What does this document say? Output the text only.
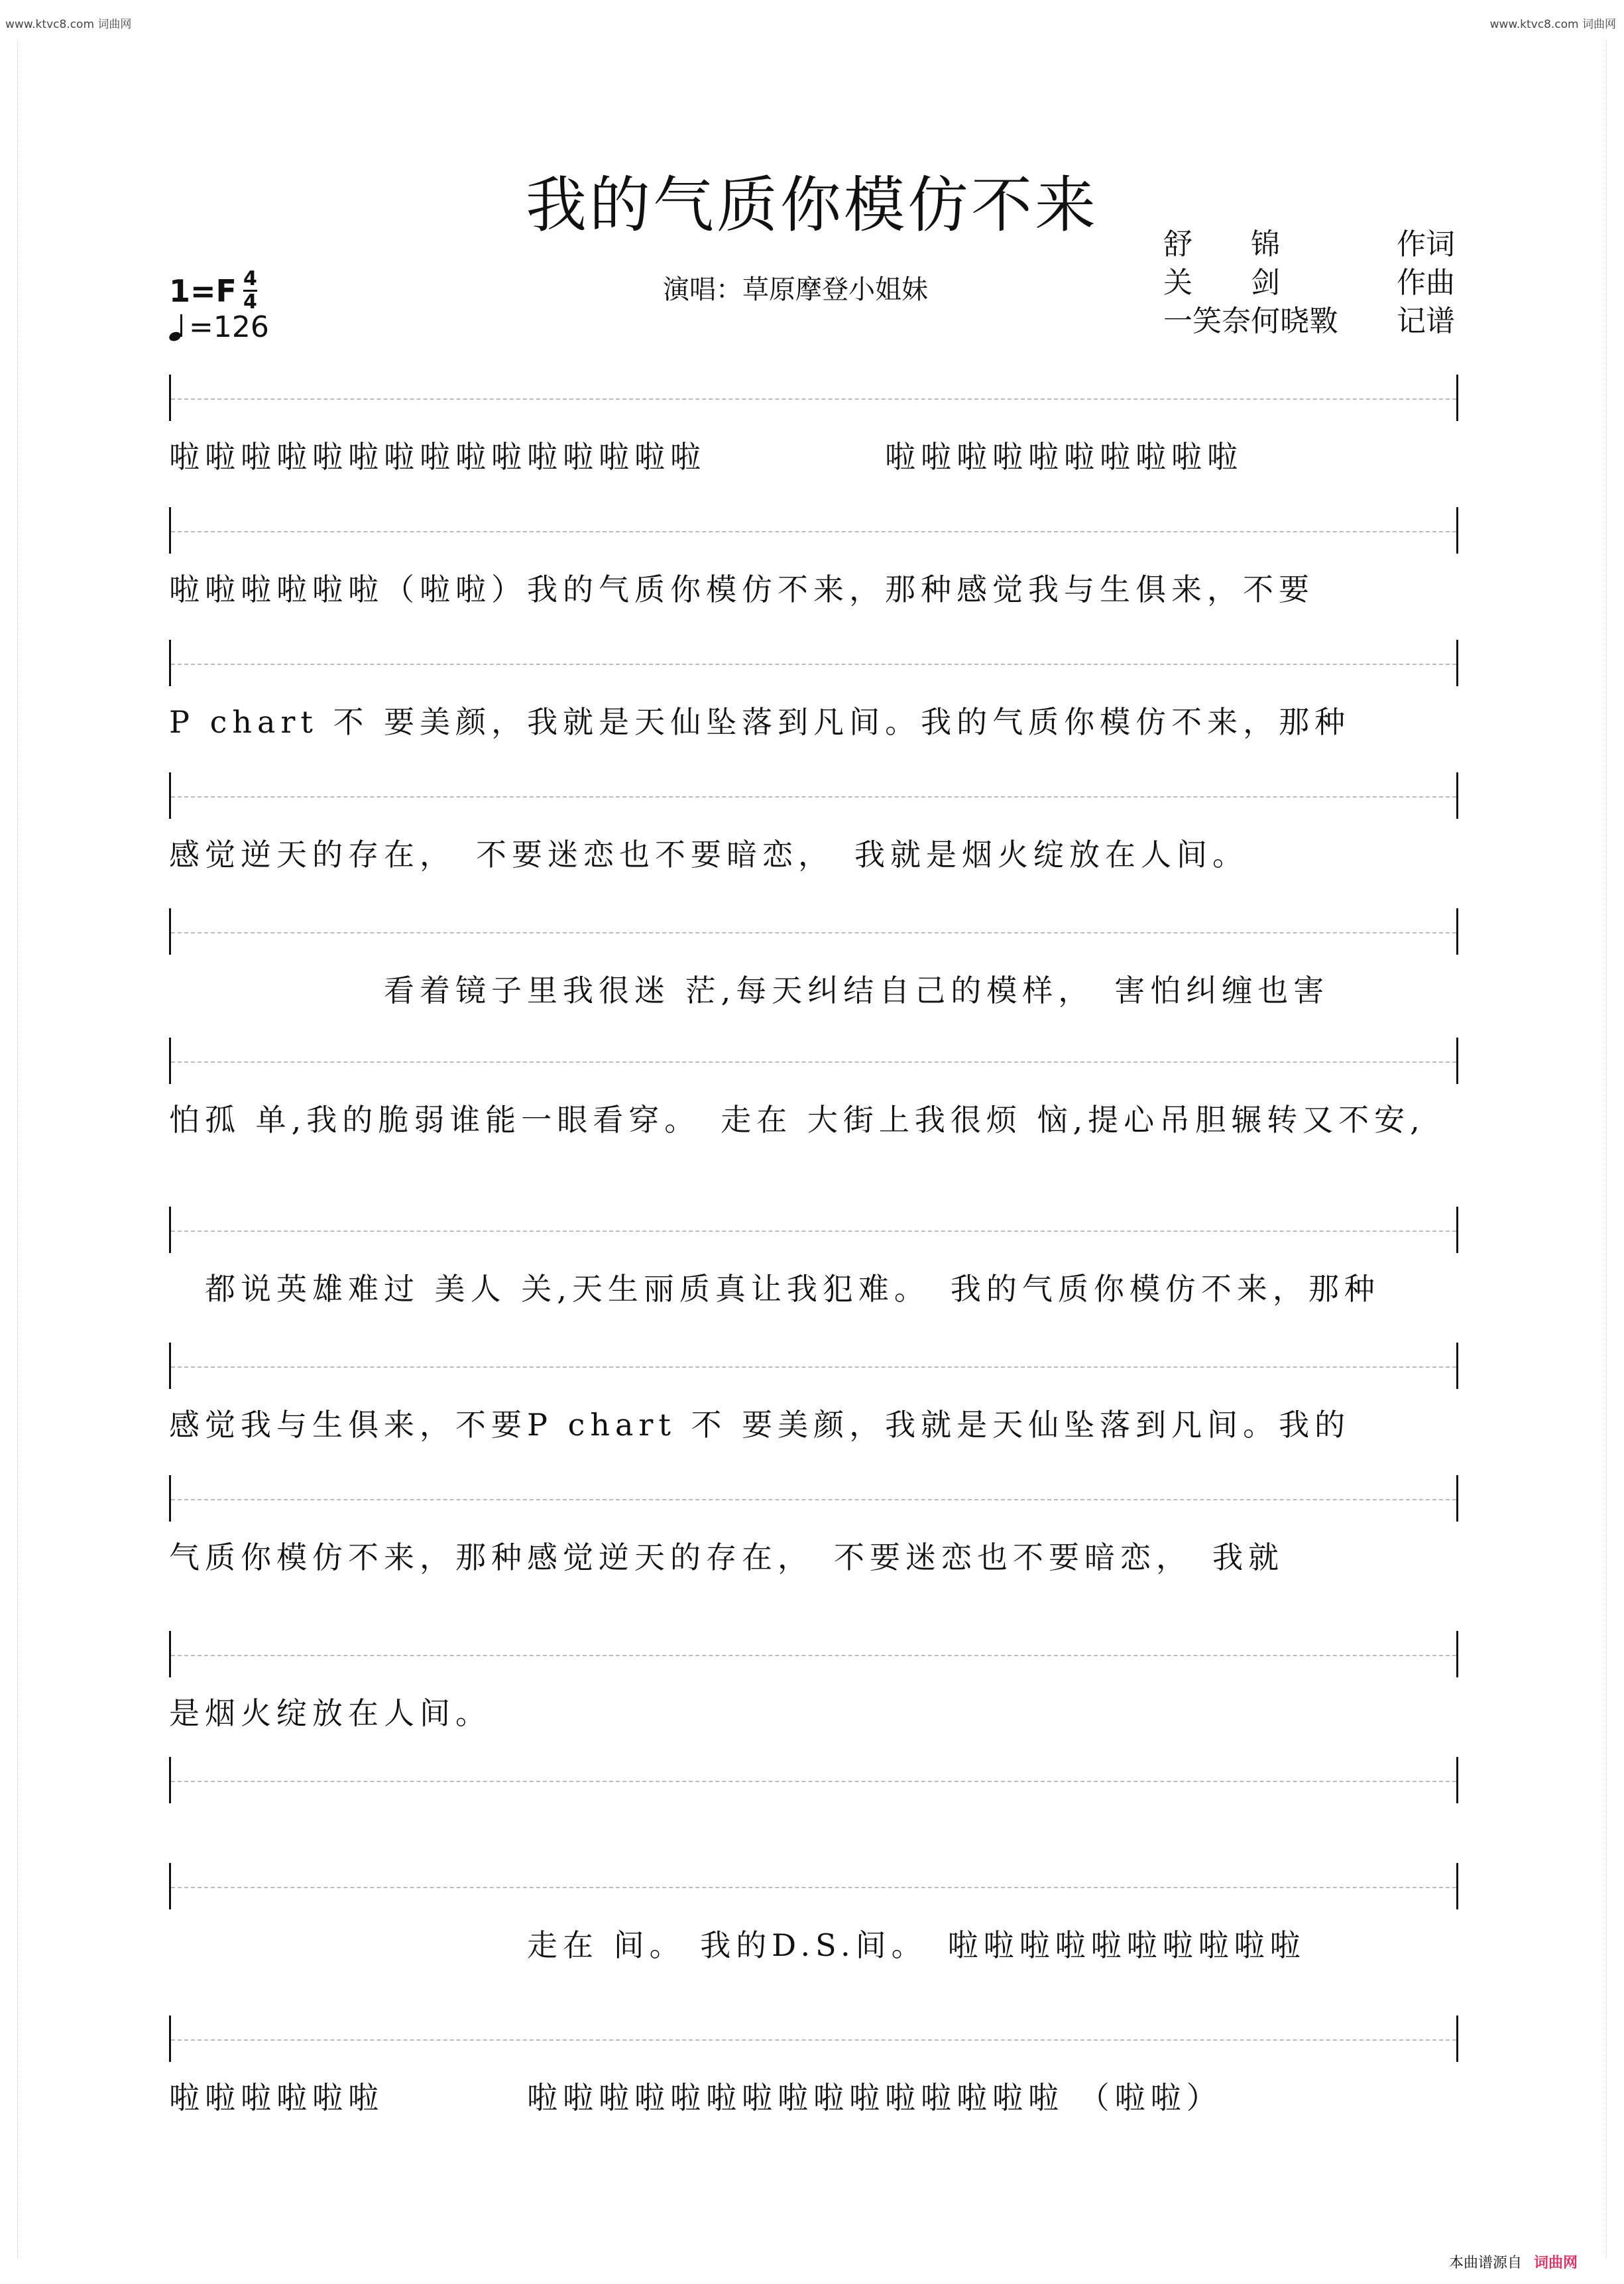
www.ktvc8.com 词曲网	www.ktvc8.com 词曲网
我的气质你模仿不来
舒　　锦	作词
关　　剑	作曲
一笑奈何晓斁 记谱
演唱：草原摩登小姐妹
$1=F \frac{4}{4}$
=126
啦啦啦啦啦啦啦啦啦啦啦啦啦啦啦　　　　　啦啦啦啦啦啦啦啦啦啦
啦啦啦啦啦啦（啦啦）我的气质你模仿不来，那种感觉我与生俱来，不要
P chart 不 要美颜，我就是天仙坠落到凡间。我的气质你模仿不来，那种
感觉逆天的存在，　不要迷恋也不要暗恋，　我就是烟火绽放在人间。
　　　　　　看着镜子里我很迷 茫,每天纠结自己的模样，　害怕纠缠也害
怕孤 单,我的脆弱谁能一眼看穿。　走在 大街上我很烦 恼,提心吊胆辗转又不安,
　都说英雄难过 美人 关,天生丽质真让我犯难。　我的气质你模仿不来，那种
感觉我与生俱来，不要P chart 不 要美颜，我就是天仙坠落到凡间。我的
气质你模仿不来，那种感觉逆天的存在，　不要迷恋也不要暗恋，　我就
是烟火绽放在人间。
　　　　　　　　　　走在 间。 我的D.S.间。　啦啦啦啦啦啦啦啦啦啦
啦啦啦啦啦啦　　　　啦啦啦啦啦啦啦啦啦啦啦啦啦啦啦 （啦啦）
本曲谱源自 词曲网
